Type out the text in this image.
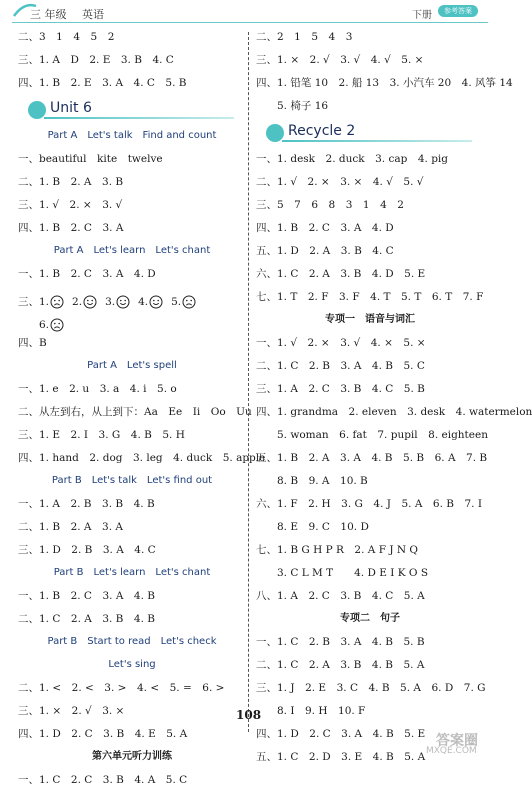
三 年级 英语	下册	参考答案
二、3　1　4　5　2
三、1. A　D　2. E　3. B　4. C
四、1. B　2. E　3. A　4. C　5. B
Unit 6
Part A　Let's talk　Find and count
一、beautiful　kite　twelve
二、1. B　2. A　3. B
三、1. √　2. ×　3. √
四、1. B　2. C　3. A
Part A　Let's learn　Let's chant
一、1. B　2. C　3. A　4. D
三、 1. 2. 3. 4. 5.

6.
四、B
Part A　Let's spell
一、1. e　2. u　3. a　4. i　5. o
二、从左到右，从上到下：Aa　Ee　Ii　Oo　Uu
三、1. E　2. I　3. G　4. B　5. H
四、1. hand　2. dog　3. leg　4. duck　5. apple
Part B　Let's talk　Let's find out
一、1. A　2. B　3. B　4. B
二、1. B　2. A　3. A
三、1. D　2. B　3. A　4. C
Part B　Let's learn　Let's chant
一、1. B　2. C　3. A　4. B
二、1. C　2. A　3. B　4. B
Part B　Start to read　Let's check
Let's sing
二、1. <　2. <　3. >　4. <　5. =　6. >
三、1. ×　2. √　3. ×
四、1. D　2. C　3. B　4. E　5. A
第六单元听力训练
一、1. C　2. C　3. B　4. A　5. C
二、2　1　5　4　3
三、1. ×　2. √　3. √　4. √　5. ×
四、1. 铅笔 10　2. 船 13　3. 小汽车 20　4. 风筝 14
　　5. 椅子 16
Recycle 2
一、1. desk　2. duck　3. cap　4. pig
二、1. √　2. ×　3. ×　4. √　5. √
三、5　7　6　8　3　1　4　2
四、1. B　2. C　3. A　4. D
五、1. D　2. A　3. B　4. C
六、1. C　2. A　3. B　4. D　5. E
七、1. T　2. F　3. F　4. T　5. T　6. T　7. F
专项一　语音与词汇
一、1. √　2. ×　3. √　4. ×　5. ×
二、1. C　2. B　3. A　4. B　5. C
三、1. A　2. C　3. B　4. C　5. B
四、1. grandma　2. eleven　3. desk　4. watermelon
　　5. woman　6. fat　7. pupil　8. eighteen
五、1. B　2. A　3. A　4. B　5. B　6. A　7. B
　　8. B　9. A　10. B
六、1. F　2. H　3. G　4. J　5. A　6. B　7. I
　　8. E　9. C　10. D
七、1. B G H P R　2. A F J N Q
　　3. C L M T　　4. D E I K O S
八、1. A　2. C　3. B　4. C　5. A
专项二　句子
一、1. C　2. B　3. A　4. B　5. B
二、1. C　2. A　3. B　4. B　5. A
三、1. J　2. E　3. C　4. B　5. A　6. D　7. G
　　8. I　9. H　10. F
四、1. D　2. C　3. A　4. B　5. E
五、1. C　2. D　3. E　4. B　5. A
108
答案圈
MXQE.COM
